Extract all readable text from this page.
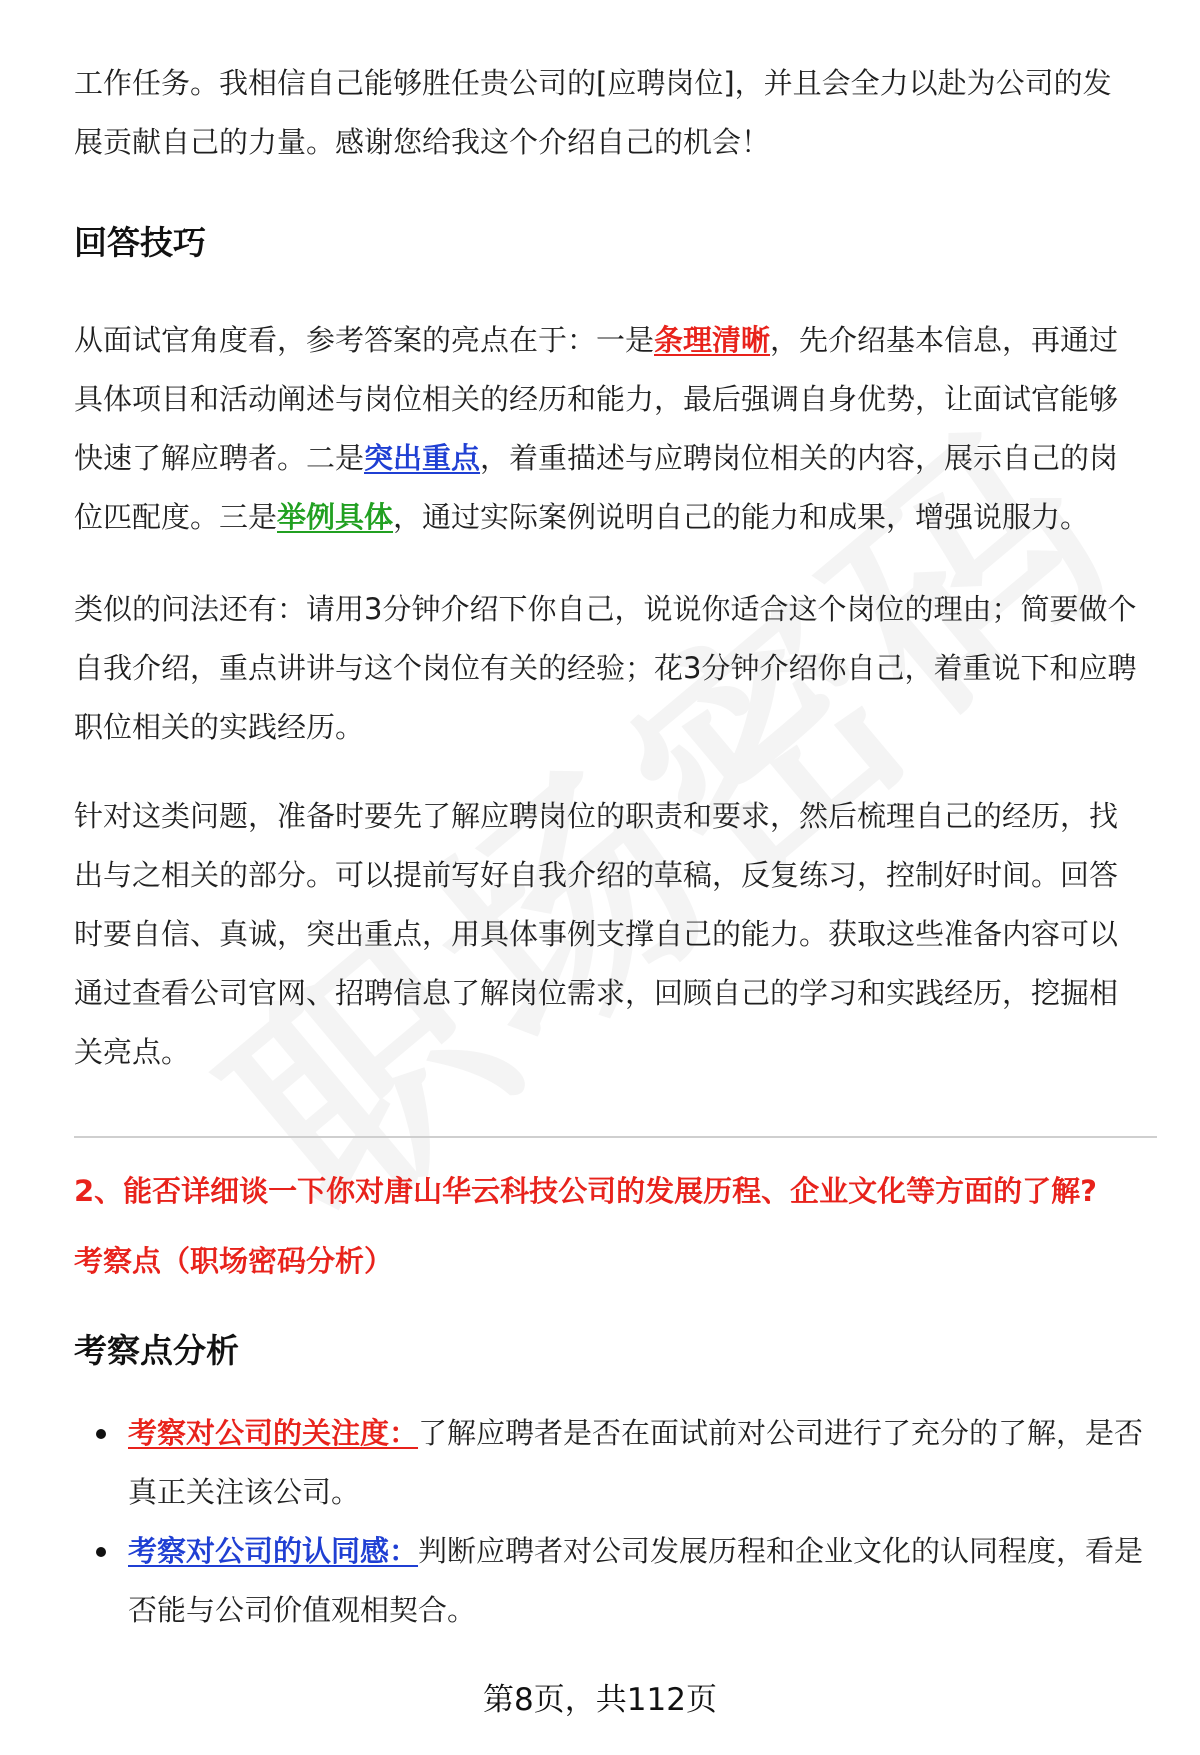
工作任务。我相信自己能够胜任贵公司的[应聘岗位]，并且会全力以赴为公司的发
展贡献自己的力量。感谢您给我这个介绍自己的机会！

回答技巧

从面试官角度看，参考答案的亮点在于：一是条理清晰，先介绍基本信息，再通过具体项目和活动阐述与岗位相关的经历和能力，最后强调自身优势，让面试官能够快速了解应聘者。二是突出重点，着重描述与应聘岗位相关的内容，展示自己的岗位匹配度。三是举例具体，通过实际案例说明自己的能力和成果，增强说服力。

类似的问法还有：请用3分钟介绍下你自己，说说你适合这个岗位的理由；简要做个自我介绍，重点讲讲与这个岗位有关的经验；花3分钟介绍你自己，着重说下和应聘职位相关的实践经历。

针对这类问题，准备时要先了解应聘岗位的职责和要求，然后梳理自己的经历，找出与之相关的部分。可以提前写好自我介绍的草稿，反复练习，控制好时间。回答时要自信、真诚，突出重点，用具体事例支撑自己的能力。获取这些准备内容可以通过查看公司官网、招聘信息了解岗位需求，回顾自己的学习和实践经历，挖掘相关亮点。

2、能否详细谈一下你对唐山华云科技公司的发展历程、企业文化等方面的了解?

考察点（职场密码分析）

考察点分析

考察对公司的关注度：了解应聘者是否在面试前对公司进行了充分的了解，是否真正关注该公司。

考察对公司的认同感：判断应聘者对公司发展历程和企业文化的认同程度，看是否能与公司价值观相契合。

第8页，共112页
